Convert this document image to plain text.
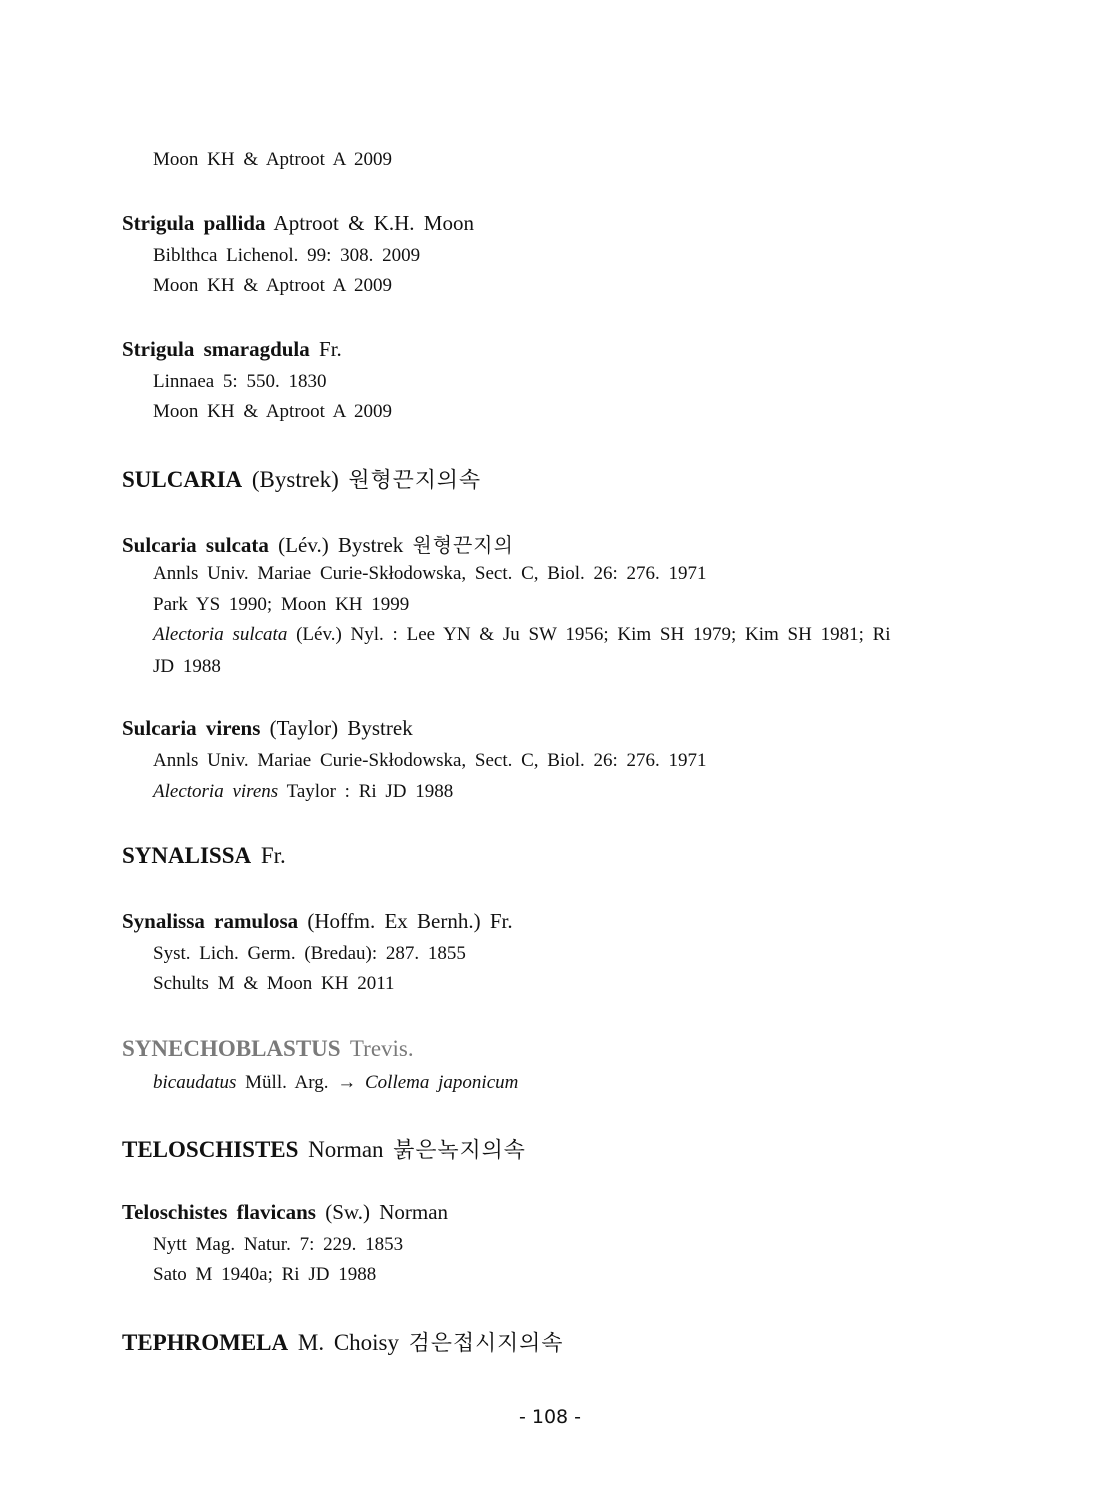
Moon KH & Aptroot A 2009
Strigula pallida Aptroot & K.H. Moon
Biblthca Lichenol. 99: 308. 2009
Moon KH & Aptroot A 2009
Strigula smaragdula Fr.
Linnaea 5: 550. 1830
Moon KH & Aptroot A 2009
SULCARIA (Bystrek) 원형끈지의속
Sulcaria sulcata (Lév.) Bystrek 원형끈지의
Annls Univ. Mariae Curie-Skłodowska, Sect. C, Biol. 26: 276. 1971
Park YS 1990; Moon KH 1999
Alectoria sulcata (Lév.) Nyl. : Lee YN & Ju SW 1956; Kim SH 1979; Kim SH 1981; Ri
JD 1988
Sulcaria virens (Taylor) Bystrek
Annls Univ. Mariae Curie-Skłodowska, Sect. C, Biol. 26: 276. 1971
Alectoria virens Taylor : Ri JD 1988
SYNALISSA Fr.
Synalissa ramulosa (Hoffm. Ex Bernh.) Fr.
Syst. Lich. Germ. (Bredau): 287. 1855
Schults M & Moon KH 2011
SYNECHOBLASTUS Trevis.
bicaudatus Müll. Arg. → Collema japonicum
TELOSCHISTES Norman 붉은녹지의속
Teloschistes flavicans (Sw.) Norman
Nytt Mag. Natur. 7: 229. 1853
Sato M 1940a; Ri JD 1988
TEPHROMELA M. Choisy 검은접시지의속
- 108 -
